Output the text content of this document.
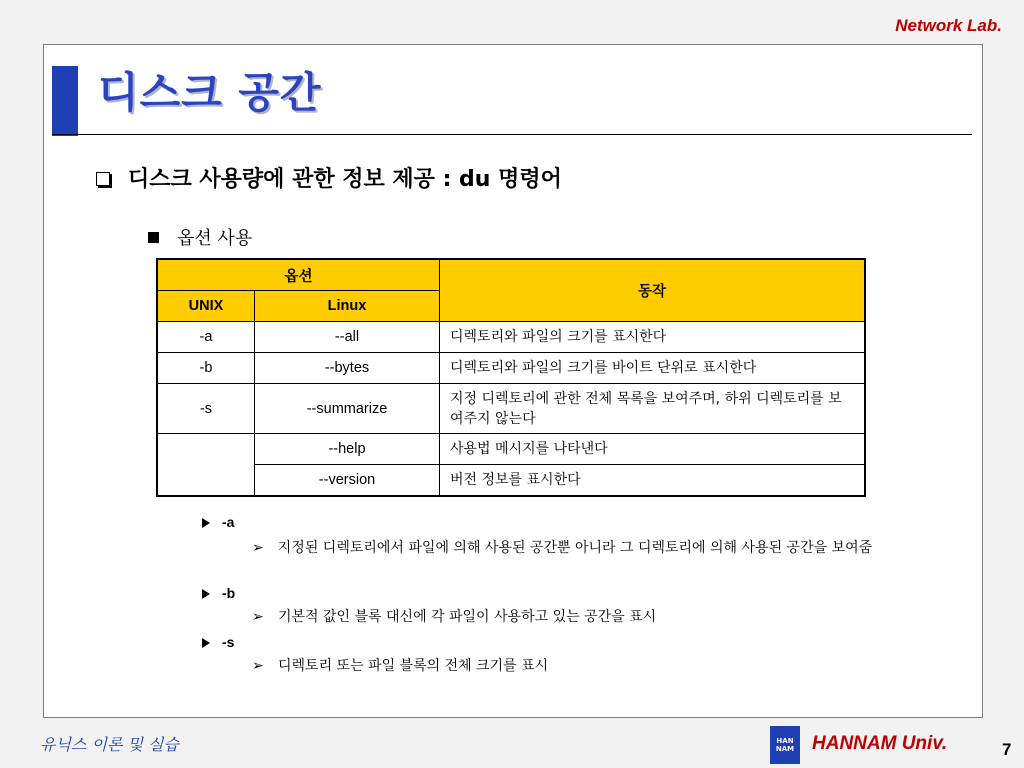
Network Lab.
디스크 공간
디스크 사용량에 관한 정보 제공 : du 명령어
옵션 사용
옵션		동작
UNIX	Linux	
-a	--all	디렉토리와 파일의 크기를 표시한다
-b	--bytes	디렉토리와 파일의 크기를 바이트 단위로 표시한다
-s	--summarize	지정 디렉토리에 관한 전체 목록을 보여주며, 하위 디렉토리를 보여주지 않는다
	--help	사용법 메시지를 나타낸다
	--version	버전 정보를 표시한다
-a
➢	지정된 디렉토리에서 파일에 의해 사용된 공간뿐 아니라 그 디렉토리에 의해 사용된 공간을 보여줌
-b
➢ 기본적 값인 블록 대신에 각 파일이 사용하고 있는 공간을 표시
-s
➢ 디렉토리 또는 파일 블록의 전체 크기를 표시
유닉스 이론 및 실습	HAN
NAM HANNAM Univ.	7
